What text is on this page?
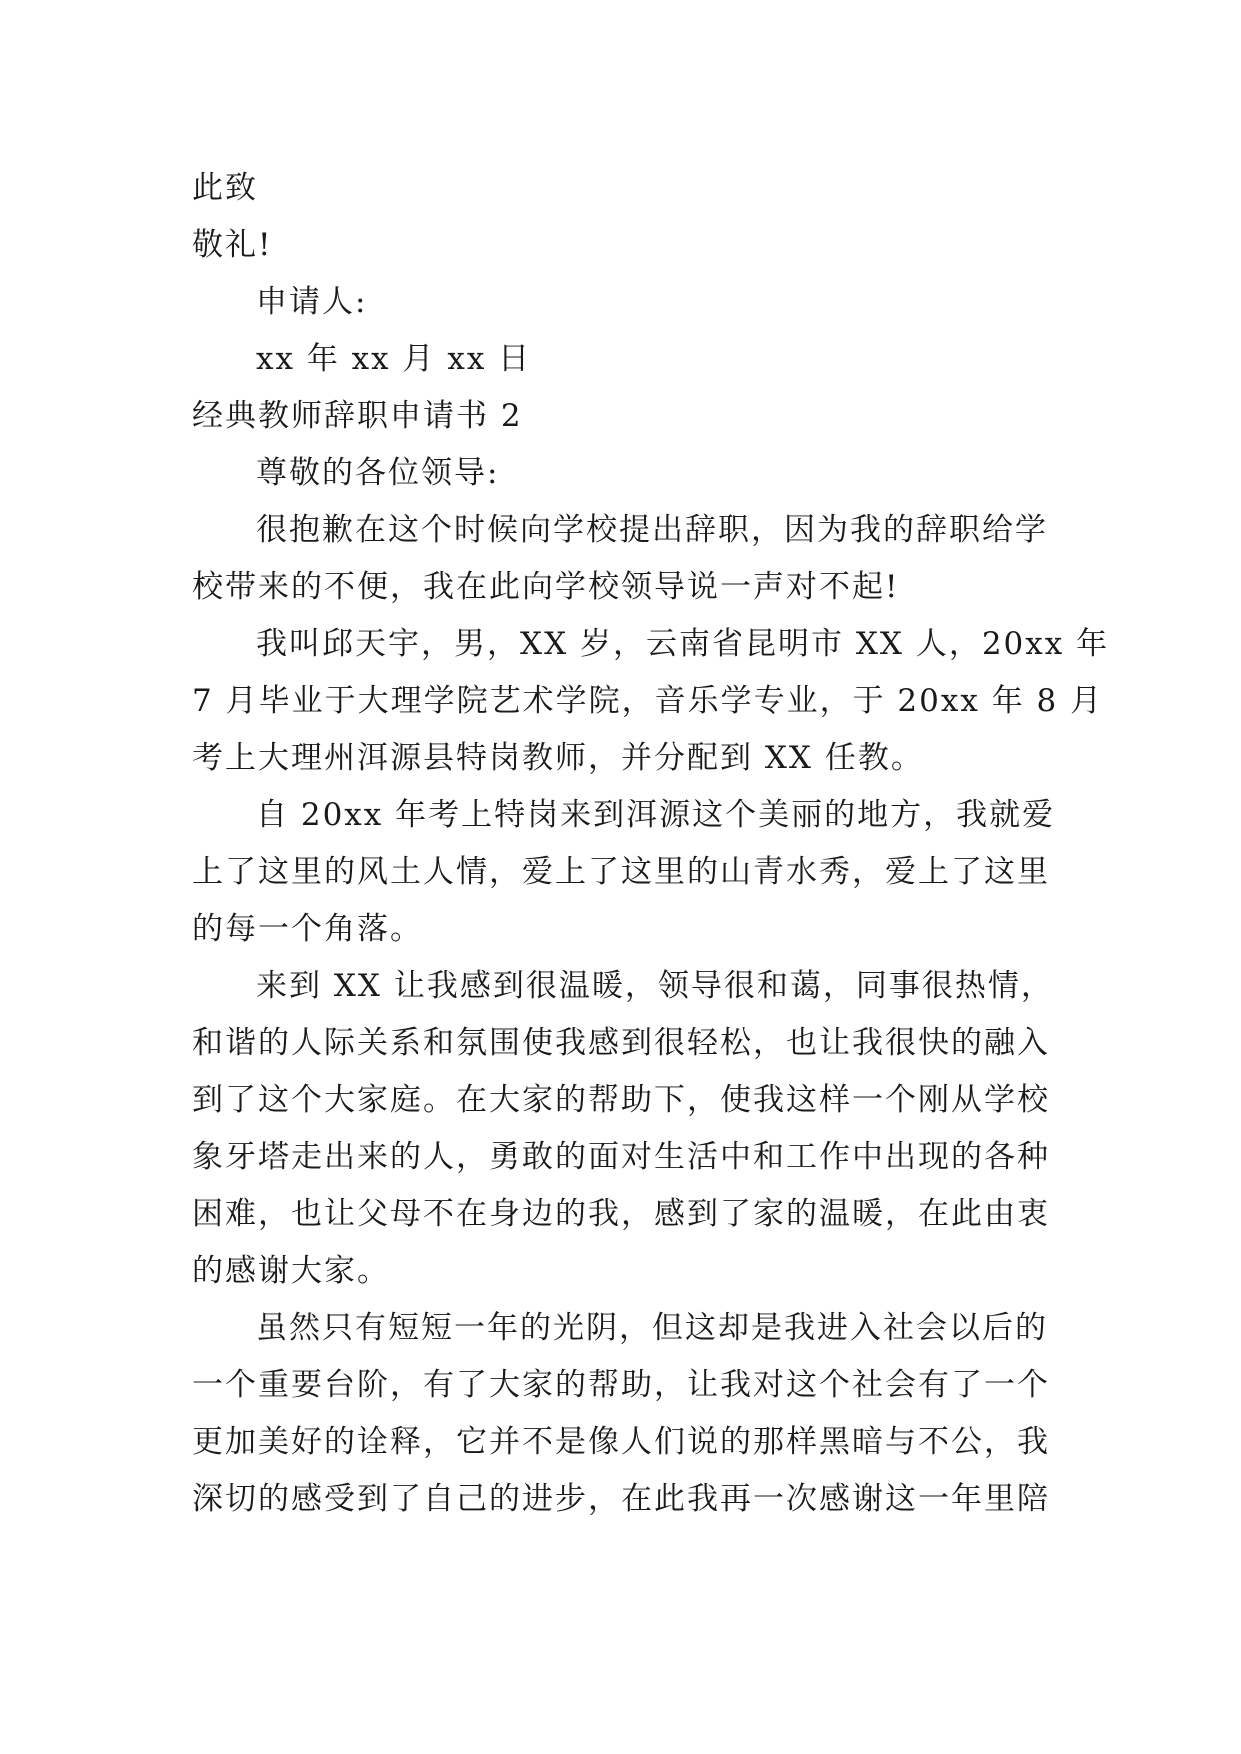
此致

敬礼!

申请人:

xx 年 xx 月 xx 日

经典教师辞职申请书 2

尊敬的各位领导:

很抱歉在这个时候向学校提出辞职，因为我的辞职给学

校带来的不便，我在此向学校领导说一声对不起!

我叫邱天宇，男，XX 岁，云南省昆明市 XX 人，20xx 年

7 月毕业于大理学院艺术学院，音乐学专业，于 20xx 年 8 月

考上大理州洱源县特岗教师，并分配到 XX 任教。

自 20xx 年考上特岗来到洱源这个美丽的地方，我就爱

上了这里的风土人情，爱上了这里的山青水秀，爱上了这里

的每一个角落。

来到 XX 让我感到很温暖，领导很和蔼，同事很热情，

和谐的人际关系和氛围使我感到很轻松，也让我很快的融入

到了这个大家庭。在大家的帮助下，使我这样一个刚从学校

象牙塔走出来的人，勇敢的面对生活中和工作中出现的各种

困难，也让父母不在身边的我，感到了家的温暖，在此由衷

的感谢大家。

虽然只有短短一年的光阴，但这却是我进入社会以后的

一个重要台阶，有了大家的帮助，让我对这个社会有了一个

更加美好的诠释，它并不是像人们说的那样黑暗与不公，我

深切的感受到了自己的进步，在此我再一次感谢这一年里陪
